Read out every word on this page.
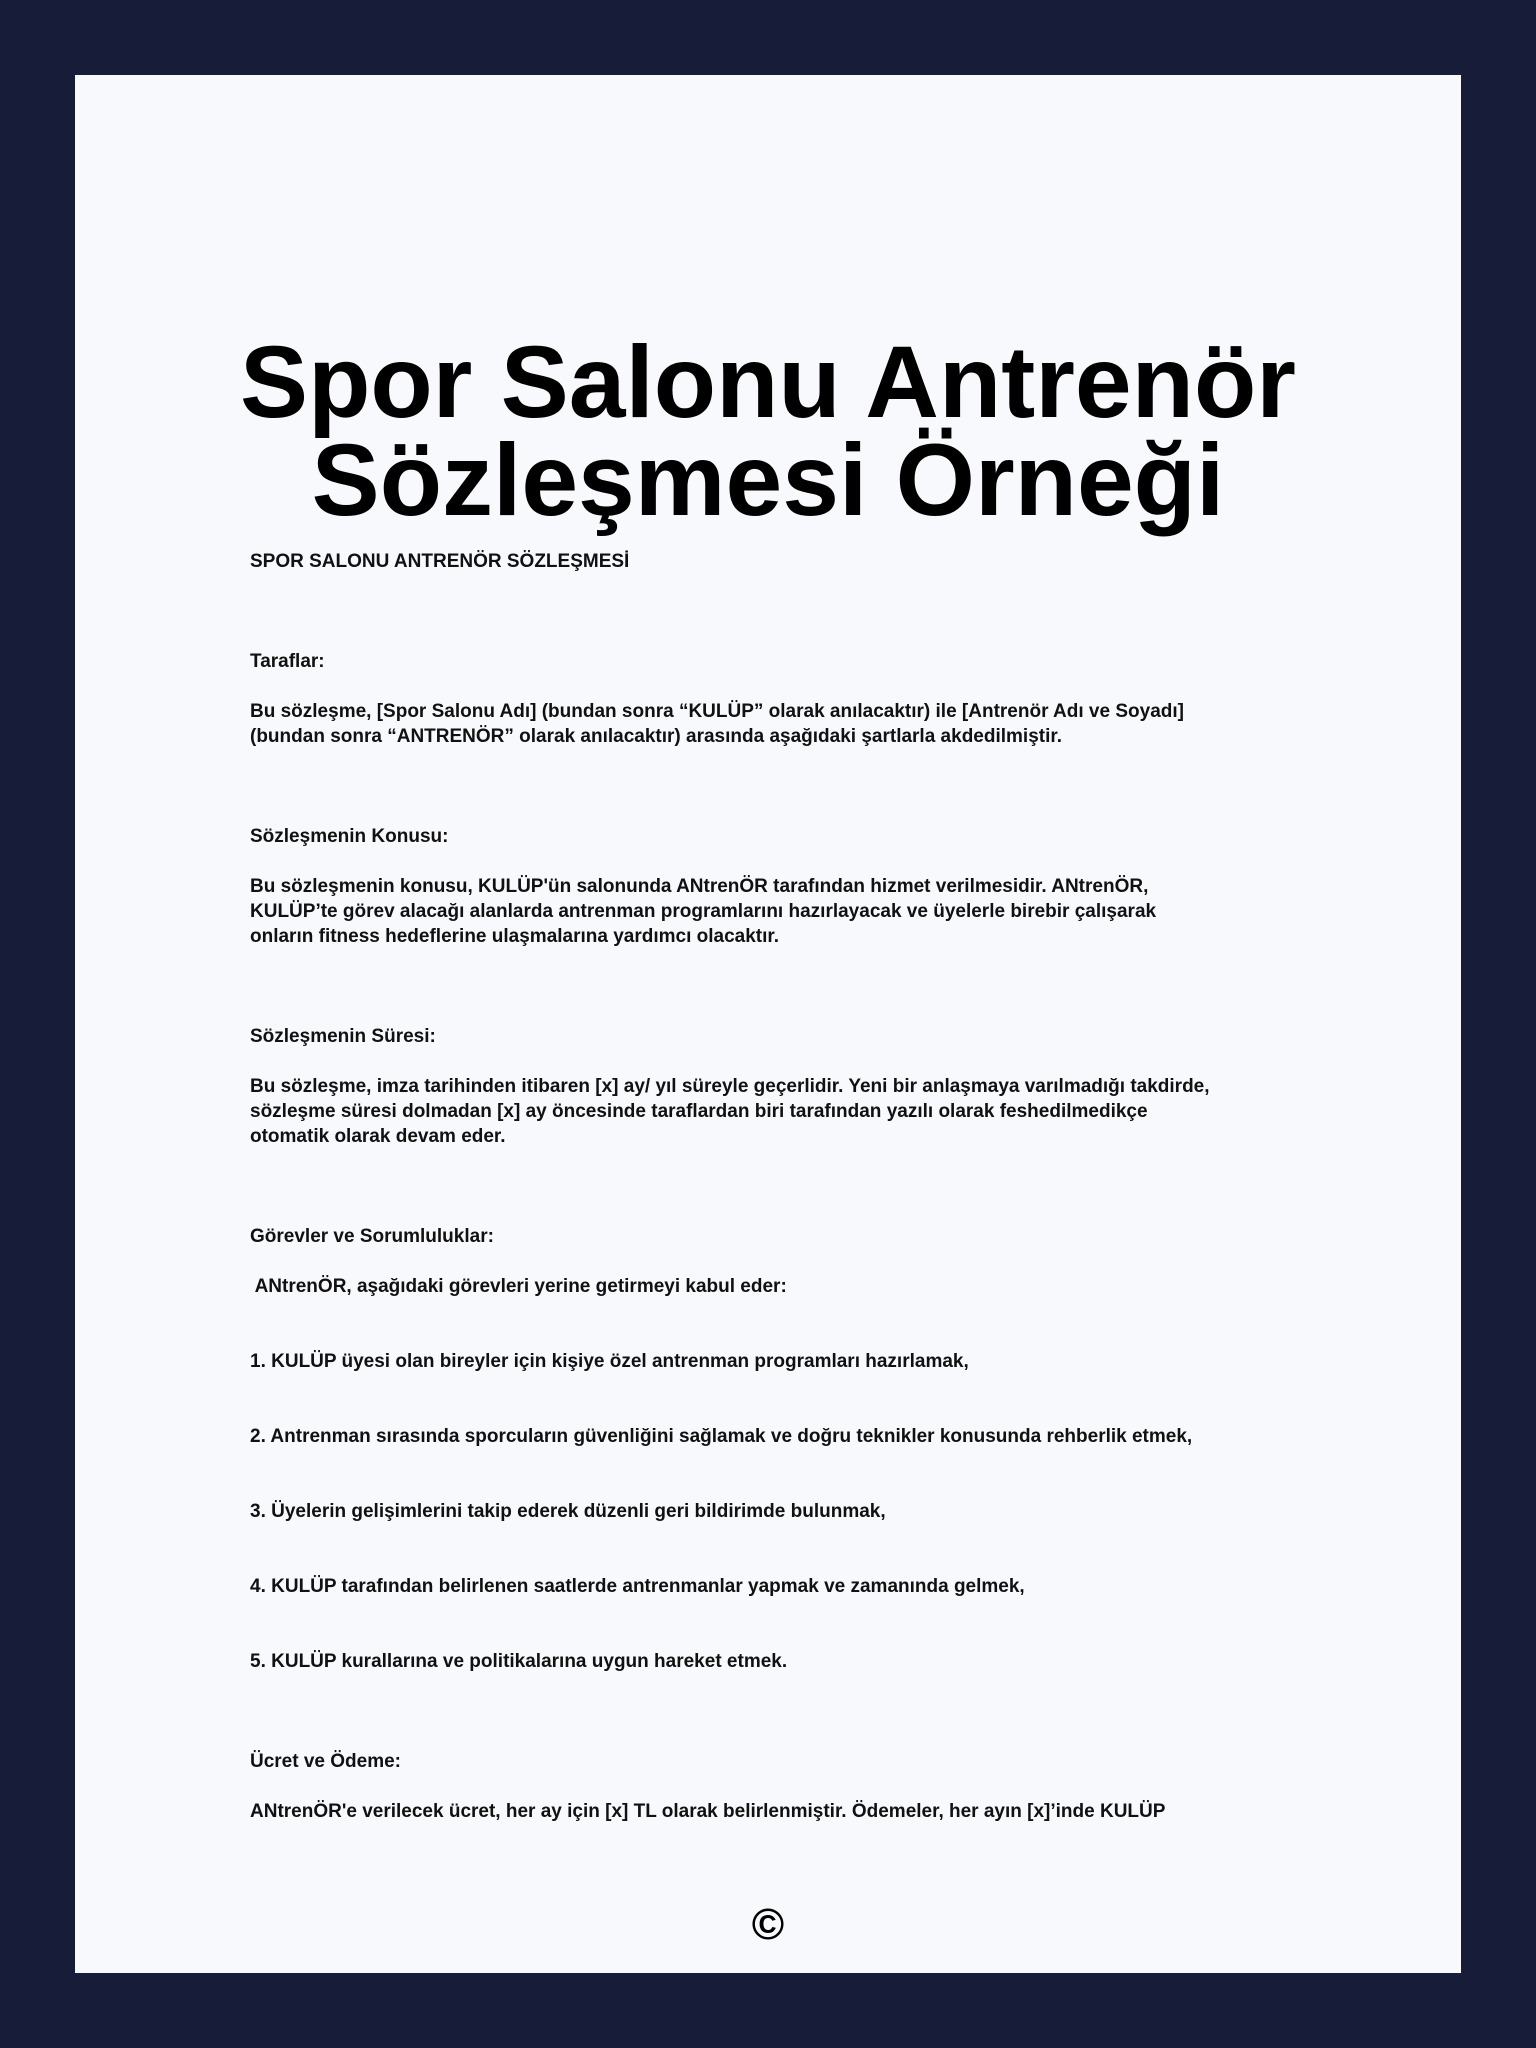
Spor Salonu Antrenör
Sözleşmesi Örneği

SPOR SALONU ANTRENÖR SÖZLEŞMESİ

Taraflar:

Bu sözleşme, [Spor Salonu Adı] (bundan sonra “KULÜP” olarak anılacaktır) ile [Antrenör Adı ve Soyadı]

(bundan sonra “ANTRENÖR” olarak anılacaktır) arasında aşağıdaki şartlarla akdedilmiştir.

Sözleşmenin Konusu:

Bu sözleşmenin konusu, KULÜP'ün salonunda ANtrenÖR tarafından hizmet verilmesidir. ANtrenÖR,

KULÜP’te görev alacağı alanlarda antrenman programlarını hazırlayacak ve üyelerle birebir çalışarak

onların fitness hedeflerine ulaşmalarına yardımcı olacaktır.

Sözleşmenin Süresi:

Bu sözleşme, imza tarihinden itibaren [x] ay/ yıl süreyle geçerlidir. Yeni bir anlaşmaya varılmadığı takdirde,

sözleşme süresi dolmadan [x] ay öncesinde taraflardan biri tarafından yazılı olarak feshedilmedikçe

otomatik olarak devam eder.

Görevler ve Sorumluluklar:

ANtrenÖR, aşağıdaki görevleri yerine getirmeyi kabul eder:

1. KULÜP üyesi olan bireyler için kişiye özel antrenman programları hazırlamak,

2. Antrenman sırasında sporcuların güvenliğini sağlamak ve doğru teknikler konusunda rehberlik etmek,

3. Üyelerin gelişimlerini takip ederek düzenli geri bildirimde bulunmak,

4. KULÜP tarafından belirlenen saatlerde antrenmanlar yapmak ve zamanında gelmek,

5. KULÜP kurallarına ve politikalarına uygun hareket etmek.

Ücret ve Ödeme:

ANtrenÖR'e verilecek ücret, her ay için [x] TL olarak belirlenmiştir. Ödemeler, her ayın [x]’inde KULÜP

©
